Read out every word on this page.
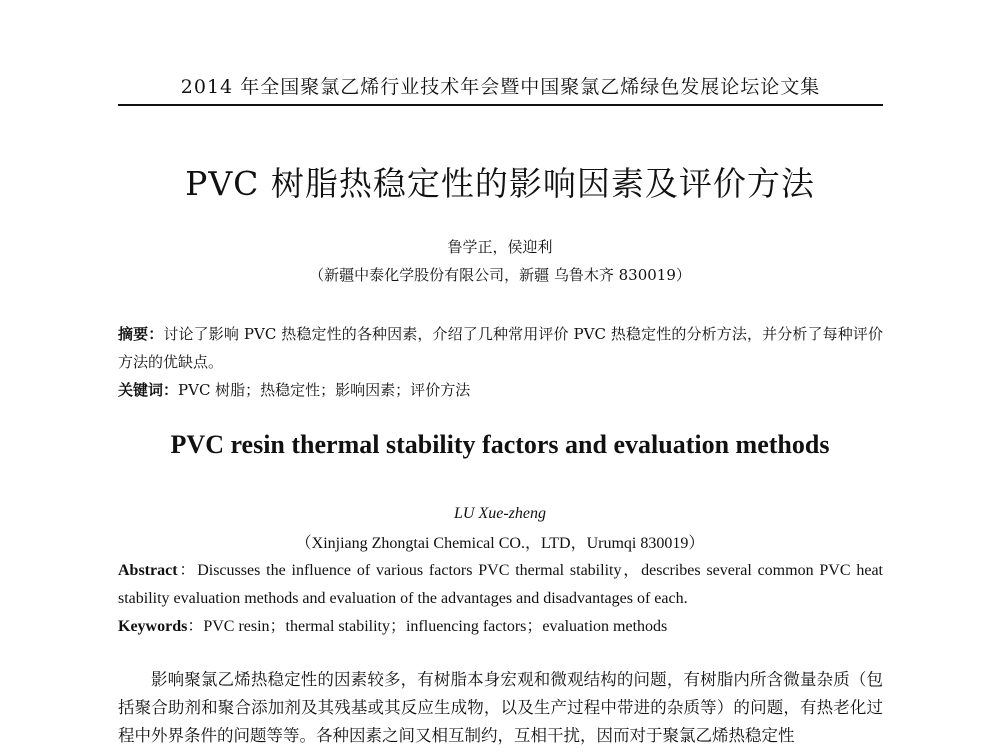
2014 年全国聚氯乙烯行业技术年会暨中国聚氯乙烯绿色发展论坛论文集
PVC 树脂热稳定性的影响因素及评价方法
鲁学正，侯迎利
（新疆中泰化学股份有限公司，新疆 乌鲁木齐 830019）
摘要：讨论了影响 PVC 热稳定性的各种因素，介绍了几种常用评价 PVC 热稳定性的分析方法，并分析了每种评价方法的优缺点。
关键词：PVC 树脂；热稳定性；影响因素；评价方法
PVC resin thermal stability factors and evaluation methods
LU Xue-zheng
（Xinjiang Zhongtai Chemical CO.，LTD，Urumqi 830019）
Abstract：Discusses the influence of various factors PVC thermal stability，describes several common PVC heat stability evaluation methods and evaluation of the advantages and disadvantages of each.
Keywords：PVC resin；thermal stability；influencing factors；evaluation methods

影响聚氯乙烯热稳定性的因素较多，有树脂本身宏观和微观结构的问题，有树脂内所含微量杂质（包括聚合助剂和聚合添加剂及其残基或其反应生成物，以及生产过程中带进的杂质等）的问题，有热老化过程中外界条件的问题等等。各种因素之间又相互制约，互相干扰，因而对于聚氯乙烯热稳定性
